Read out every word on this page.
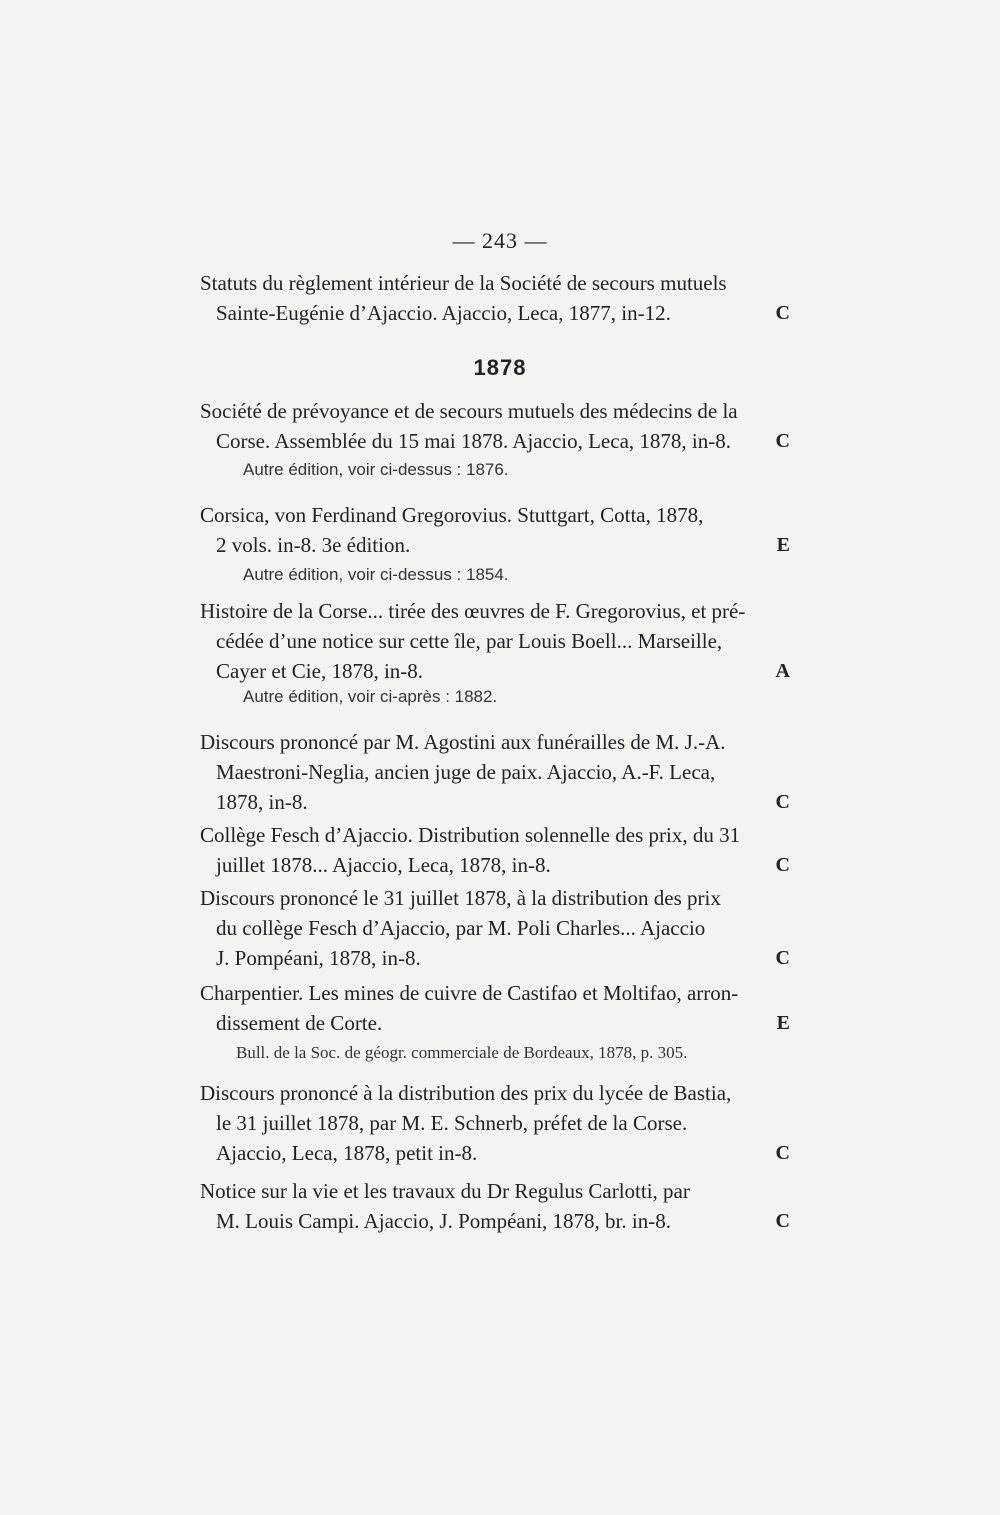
— 243 —
Statuts du règlement intérieur de la Société de secours mutuels
Sainte-Eugénie d’Ajaccio. Ajaccio, Leca, 1877, in-12.	C
1878
Société de prévoyance et de secours mutuels des médecins de la
Corse. Assemblée du 15 mai 1878. Ajaccio, Leca, 1878, in-8. C
Autre édition, voir ci-dessus : 1876.
Corsica, von Ferdinand Gregorovius. Stuttgart, Cotta, 1878,
2 vols. in-8. 3e édition.	E
Autre édition, voir ci-dessus : 1854.
Histoire de la Corse... tirée des œuvres de F. Gregorovius, et pré-
cédée d’une notice sur cette île, par Louis Boell... Marseille,
Cayer et Cie, 1878, in-8.	A
Autre édition, voir ci-après : 1882.
Discours prononcé par M. Agostini aux funérailles de M. J.-A.
Maestroni-Neglia, ancien juge de paix. Ajaccio, A.-F. Leca,
1878, in-8.	C
Collège Fesch d’Ajaccio. Distribution solennelle des prix, du 31
juillet 1878... Ajaccio, Leca, 1878, in-8.	C
Discours prononcé le 31 juillet 1878, à la distribution des prix
du collège Fesch d’Ajaccio, par M. Poli Charles... Ajaccio
J. Pompéani, 1878, in-8.	C
Charpentier. Les mines de cuivre de Castifao et Moltifao, arron-
dissement de Corte.	E
Bull. de la Soc. de géogr. commerciale de Bordeaux, 1878, p. 305.
Discours prononcé à la distribution des prix du lycée de Bastia,
le 31 juillet 1878, par M. E. Schnerb, préfet de la Corse.
Ajaccio, Leca, 1878, petit in-8.	C
Notice sur la vie et les travaux du Dr Regulus Carlotti, par
M. Louis Campi. Ajaccio, J. Pompéani, 1878, br. in-8.	C
